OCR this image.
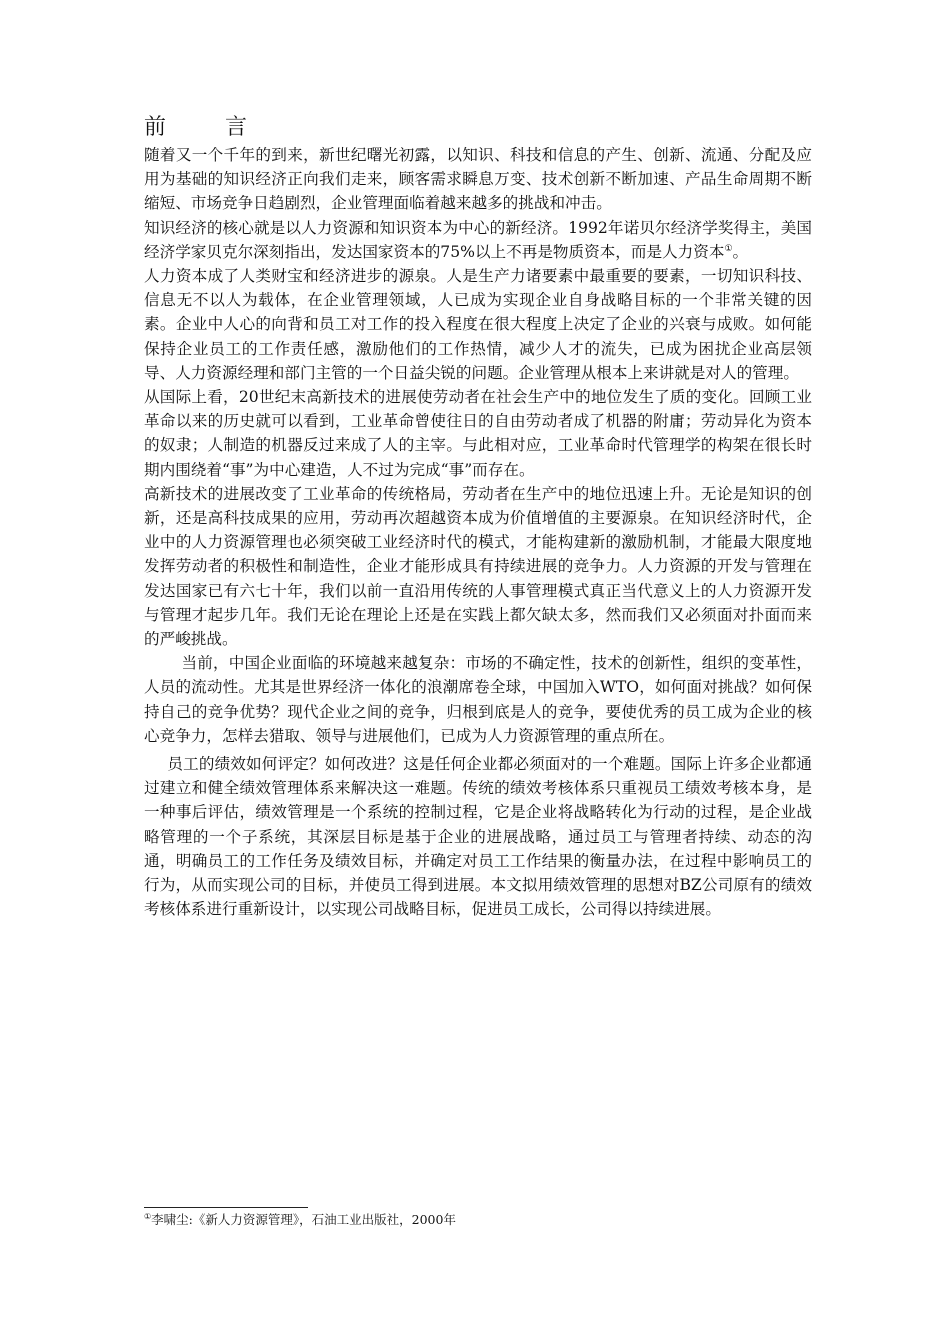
前 言

随着又一个千年的到来，新世纪曙光初露，以知识、科技和信息的产生、创新、流通、分配及应用为基础的知识经济正向我们走来，顾客需求瞬息万变、技术创新不断加速、产品生命周期不断缩短、市场竞争日趋剧烈，企业管理面临着越来越多的挑战和冲击。

知识经济的核心就是以人力资源和知识资本为中心的新经济。1992年诺贝尔经济学奖得主，美国经济学家贝克尔深刻指出，发达国家资本的75%以上不再是物质资本，而是人力资本①。

人力资本成了人类财宝和经济进步的源泉。人是生产力诸要素中最重要的要素，一切知识科技、信息无不以人为载体，在企业管理领域，人已成为实现企业自身战略目标的一个非常关键的因素。企业中人心的向背和员工对工作的投入程度在很大程度上决定了企业的兴衰与成败。如何能保持企业员工的工作责任感，激励他们的工作热情，减少人才的流失，已成为困扰企业高层领导、人力资源经理和部门主管的一个日益尖锐的问题。企业管理从根本上来讲就是对人的管理。

从国际上看，20世纪末高新技术的进展使劳动者在社会生产中的地位发生了质的变化。回顾工业革命以来的历史就可以看到，工业革命曾使往日的自由劳动者成了机器的附庸；劳动异化为资本的奴隶；人制造的机器反过来成了人的主宰。与此相对应，工业革命时代管理学的构架在很长时期内围绕着“事”为中心建造，人不过为完成“事”而存在。

高新技术的进展改变了工业革命的传统格局，劳动者在生产中的地位迅速上升。无论是知识的创新，还是高科技成果的应用，劳动再次超越资本成为价值增值的主要源泉。在知识经济时代，企业中的人力资源管理也必须突破工业经济时代的模式，才能构建新的激励机制，才能最大限度地发挥劳动者的积极性和制造性，企业才能形成具有持续进展的竞争力。人力资源的开发与管理在发达国家已有六七十年，我们以前一直沿用传统的人事管理模式真正当代意义上的人力资源开发与管理才起步几年。我们无论在理论上还是在实践上都欠缺太多，然而我们又必须面对扑面而来的严峻挑战。

当前，中国企业面临的环境越来越复杂：市场的不确定性，技术的创新性，组织的变革性，人员的流动性。尤其是世界经济一体化的浪潮席卷全球，中国加入WTO，如何面对挑战？如何保持自己的竞争优势？现代企业之间的竞争，归根到底是人的竞争，要使优秀的员工成为企业的核心竞争力，怎样去猎取、领导与进展他们，已成为人力资源管理的重点所在。

员工的绩效如何评定？如何改进？这是任何企业都必须面对的一个难题。国际上许多企业都通过建立和健全绩效管理体系来解决这一难题。传统的绩效考核体系只重视员工绩效考核本身，是一种事后评估，绩效管理是一个系统的控制过程，它是企业将战略转化为行动的过程，是企业战略管理的一个子系统，其深层目标是基于企业的进展战略，通过员工与管理者持续、动态的沟通，明确员工的工作任务及绩效目标，并确定对员工工作结果的衡量办法，在过程中影响员工的行为，从而实现公司的目标，并使员工得到进展。本文拟用绩效管理的思想对BZ公司原有的绩效考核体系进行重新设计，以实现公司战略目标，促进员工成长，公司得以持续进展。

①李啸尘:《新人力资源管理》，石油工业出版社，2000年
